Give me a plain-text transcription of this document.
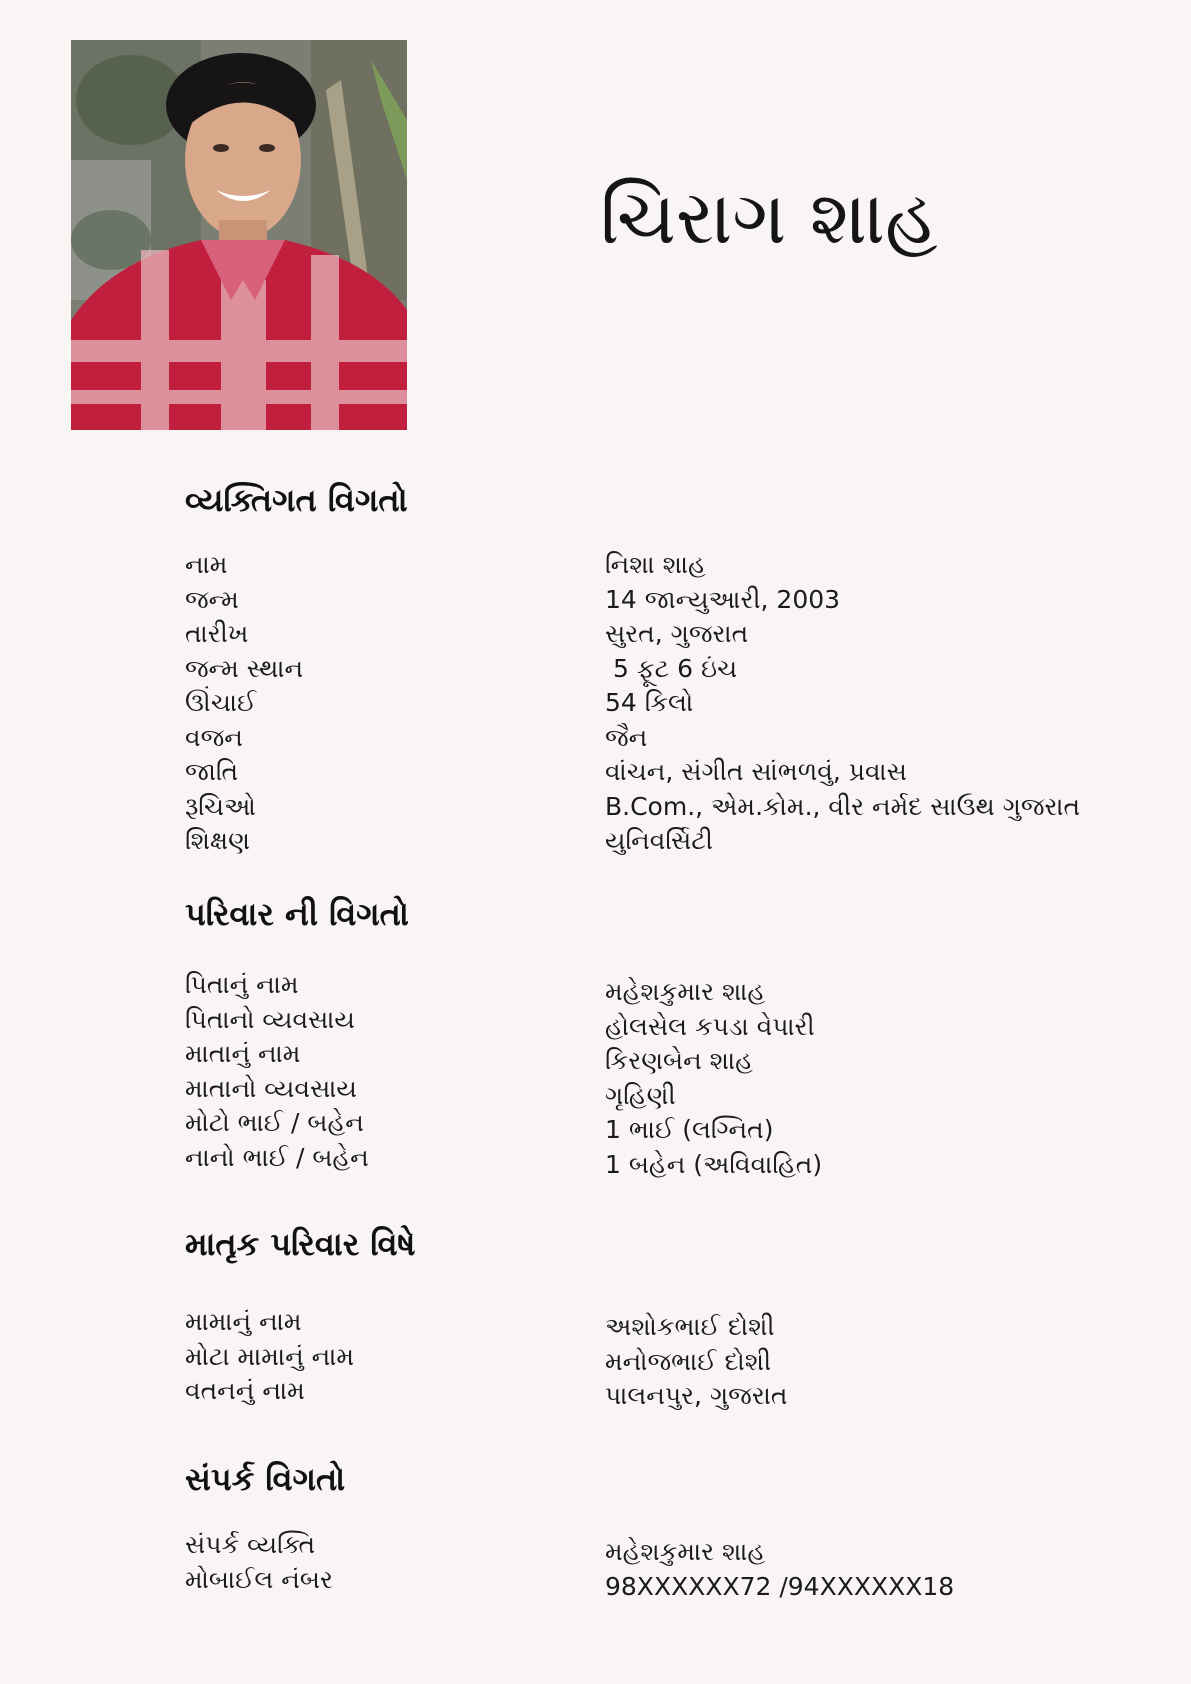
ચિરાગ શાહ
વ્યક્તિગત વિગતો
નામ
જન્મ
તારીખ
જન્મ સ્થાન
ઊંચાઈ
વજન
જાતિ
રૂચિઓ
શિક્ષણ
નિશા શાહ
14 જાન્યુઆરી, 2003
સુરત, ગુજરાત
5 ફૂટ 6 ઇંચ
54 કિલો
જૈન
વાંચન, સંગીત સાંભળવું, પ્રવાસ
B.Com., એમ.કોમ., વીર નર્મદ સાઉથ ગુજરાત
યુનિવર્સિટી
પરિવાર ની વિગતો
પિતાનું નામ
પિતાનો વ્યવસાય
માતાનું નામ
માતાનો વ્યવસાય
મોટો ભાઈ / બહેન
નાનો ભાઈ / બહેન
મહેશકુમાર શાહ
હોલસેલ કપડા વેપારી
કિરણબેન શાહ
ગૃહિણી
1 ભાઈ (લગ્નિત)
1 બહેન (અવિવાહિત)
માતૃક પરિવાર વિષે
મામાનું નામ
મોટા મામાનું નામ
વતનનું નામ
અશોકભાઈ દોશી
મનોજભાઈ દોશી
પાલનપુર, ગુજરાત
સંપર્ક વિગતો
સંપર્ક વ્યક્તિ
મોબાઈલ નંબર
મહેશકુમાર શાહ
98XXXXXX72 /94XXXXXX18
